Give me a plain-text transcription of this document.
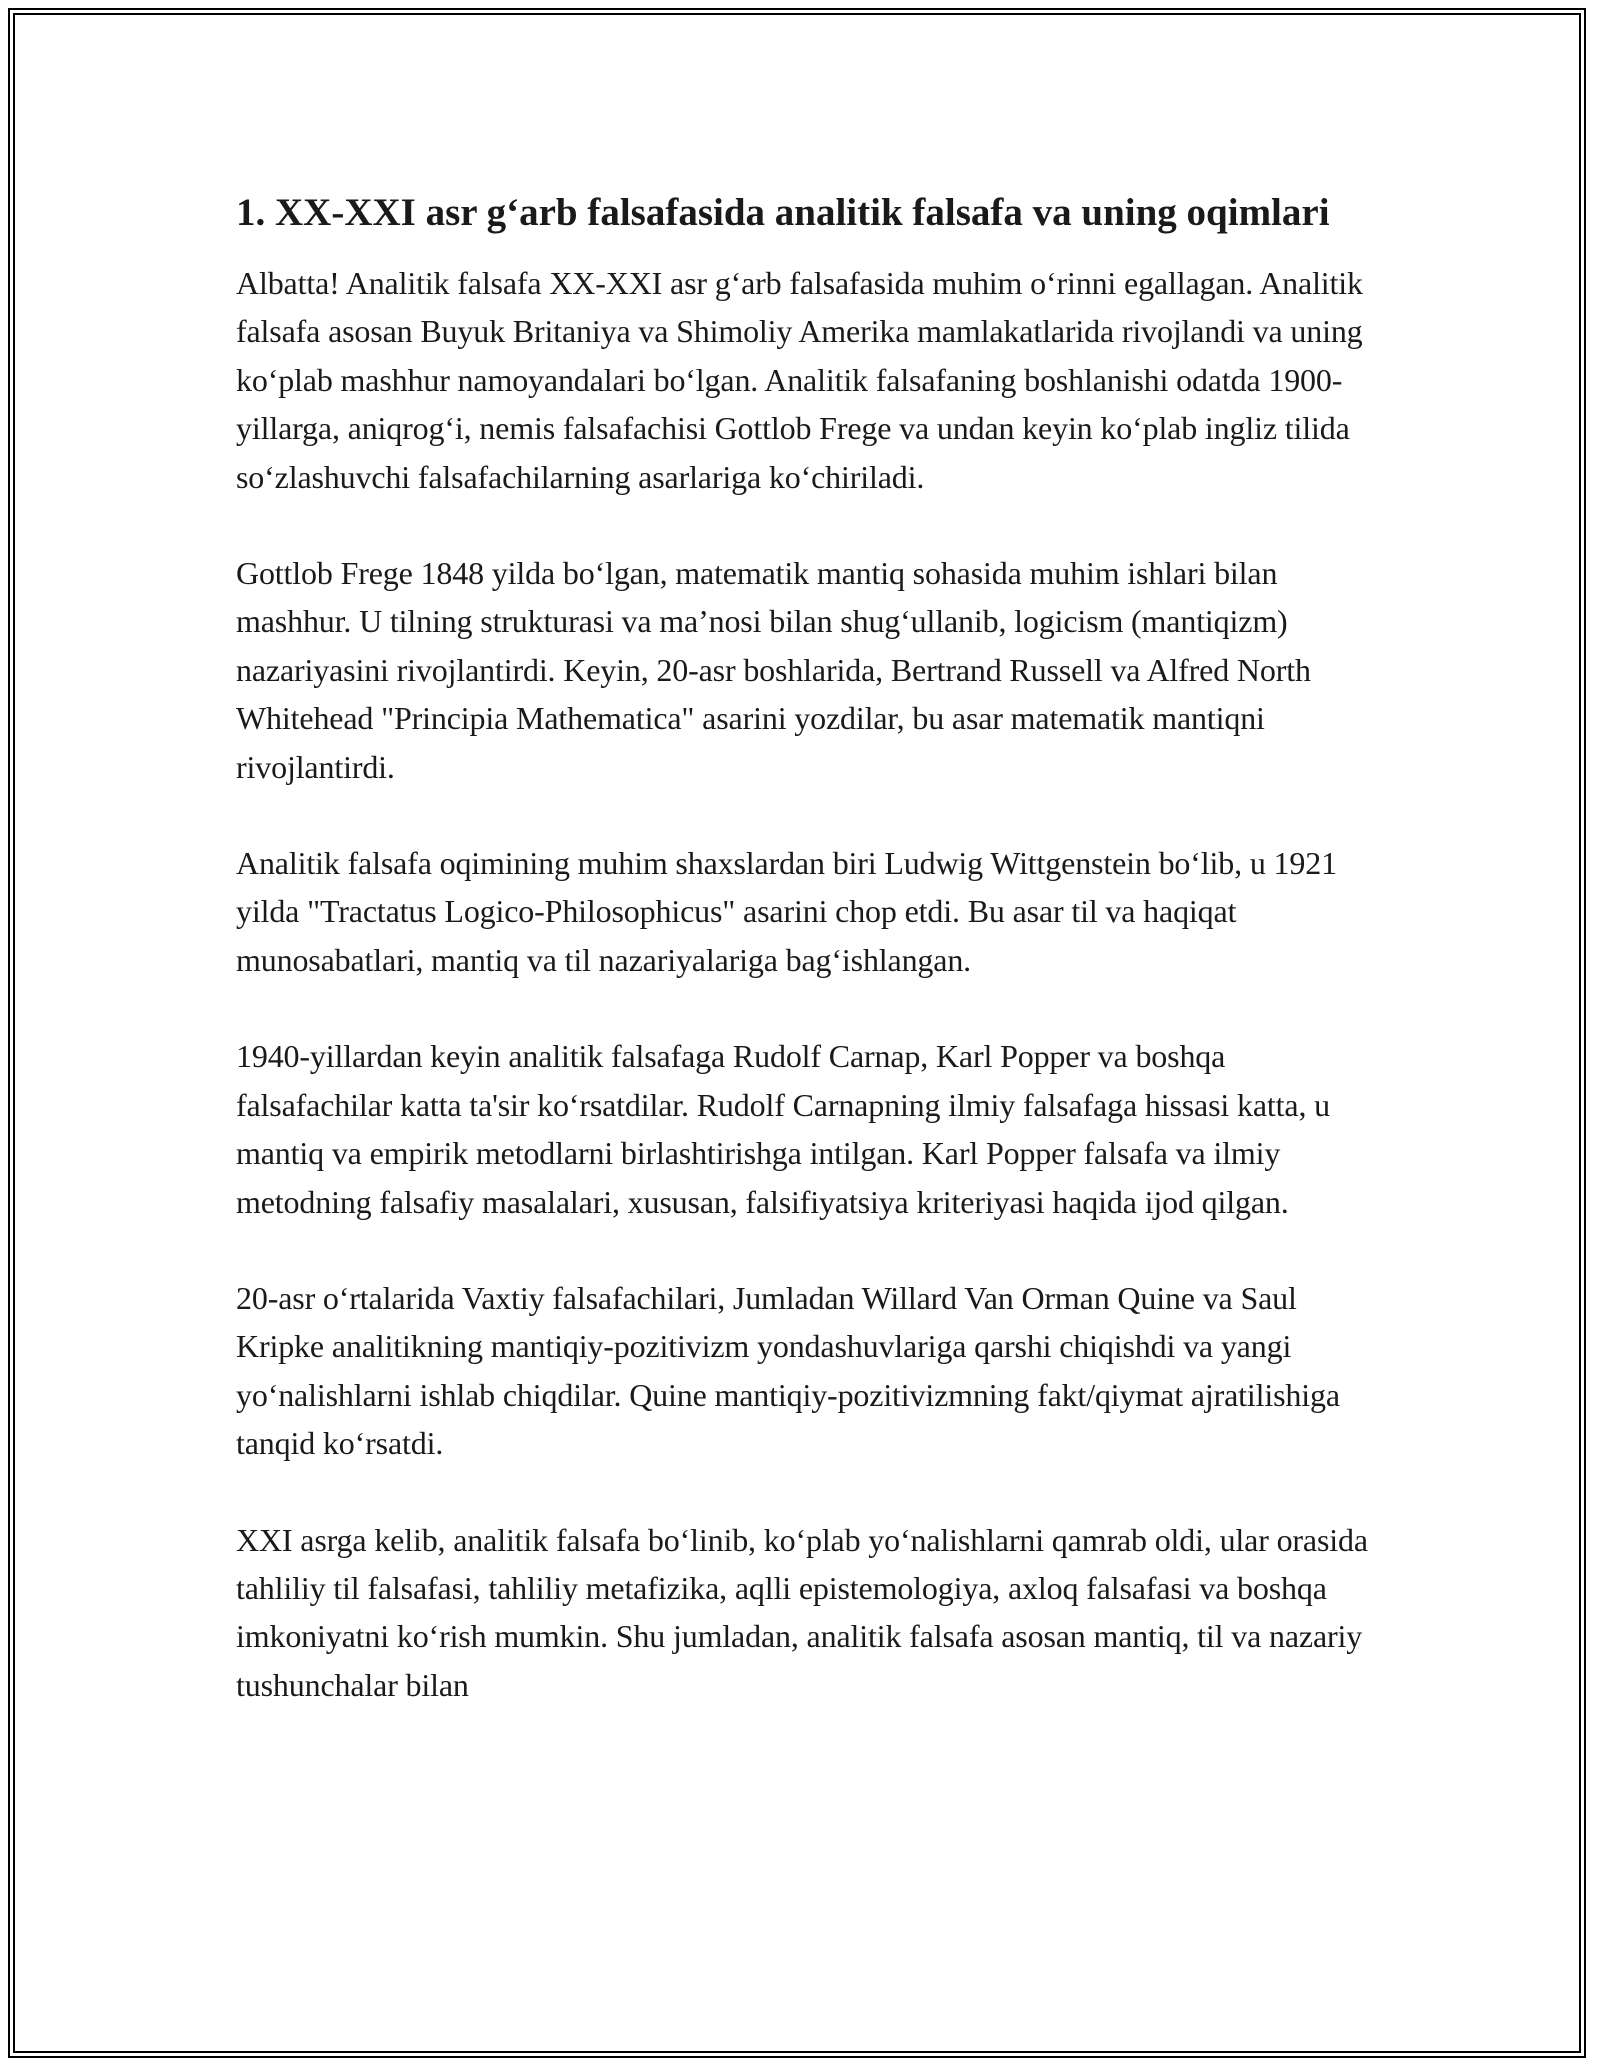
1. XX-XXI asr g‘arb falsafasida analitik falsafa va uning oqimlari

Albatta! Analitik falsafa XX-XXI asr g‘arb falsafasida muhim o‘rinni egallagan. Analitik falsafa asosan Buyuk Britaniya va Shimoliy Amerika mamlakatlarida rivojlandi va uning ko‘plab mashhur namoyandalari bo‘lgan. Analitik falsafaning boshlanishi odatda 1900-yillarga, aniqrog‘i, nemis falsafachisi Gottlob Frege va undan keyin ko‘plab ingliz tilida so‘zlashuvchi falsafachilarning asarlariga ko‘chiriladi.

Gottlob Frege 1848 yilda bo‘lgan, matematik mantiq sohasida muhim ishlari bilan mashhur. U tilning strukturasi va ma’nosi bilan shug‘ullanib, logicism (mantiqizm) nazariyasini rivojlantirdi. Keyin, 20-asr boshlarida, Bertrand Russell va Alfred North Whitehead "Principia Mathematica" asarini yozdilar, bu asar matematik mantiqni rivojlantirdi.

Analitik falsafa oqimining muhim shaxslardan biri Ludwig Wittgenstein bo‘lib, u 1921 yilda "Tractatus Logico-Philosophicus" asarini chop etdi. Bu asar til va haqiqat munosabatlari, mantiq va til nazariyalariga bag‘ishlangan.

1940-yillardan keyin analitik falsafaga Rudolf Carnap, Karl Popper va boshqa falsafachilar katta ta'sir ko‘rsatdilar. Rudolf Carnapning ilmiy falsafaga hissasi katta, u mantiq va empirik metodlarni birlashtirishga intilgan. Karl Popper falsafa va ilmiy metodning falsafiy masalalari, xususan, falsifiyatsiya kriteriyasi haqida ijod qilgan.

20-asr o‘rtalarida Vaxtiy falsafachilari, Jumladan Willard Van Orman Quine va Saul Kripke analitikning mantiqiy-pozitivizm yondashuvlariga qarshi chiqishdi va yangi yo‘nalishlarni ishlab chiqdilar. Quine mantiqiy-pozitivizmning fakt/qiymat ajratilishiga tanqid ko‘rsatdi.

XXI asrga kelib, analitik falsafa bo‘linib, ko‘plab yo‘nalishlarni qamrab oldi, ular orasida tahliliy til falsafasi, tahliliy metafizika, aqlli epistemologiya, axloq falsafasi va boshqa imkoniyatni ko‘rish mumkin. Shu jumladan, analitik falsafa asosan mantiq, til va nazariy tushunchalar bilan
